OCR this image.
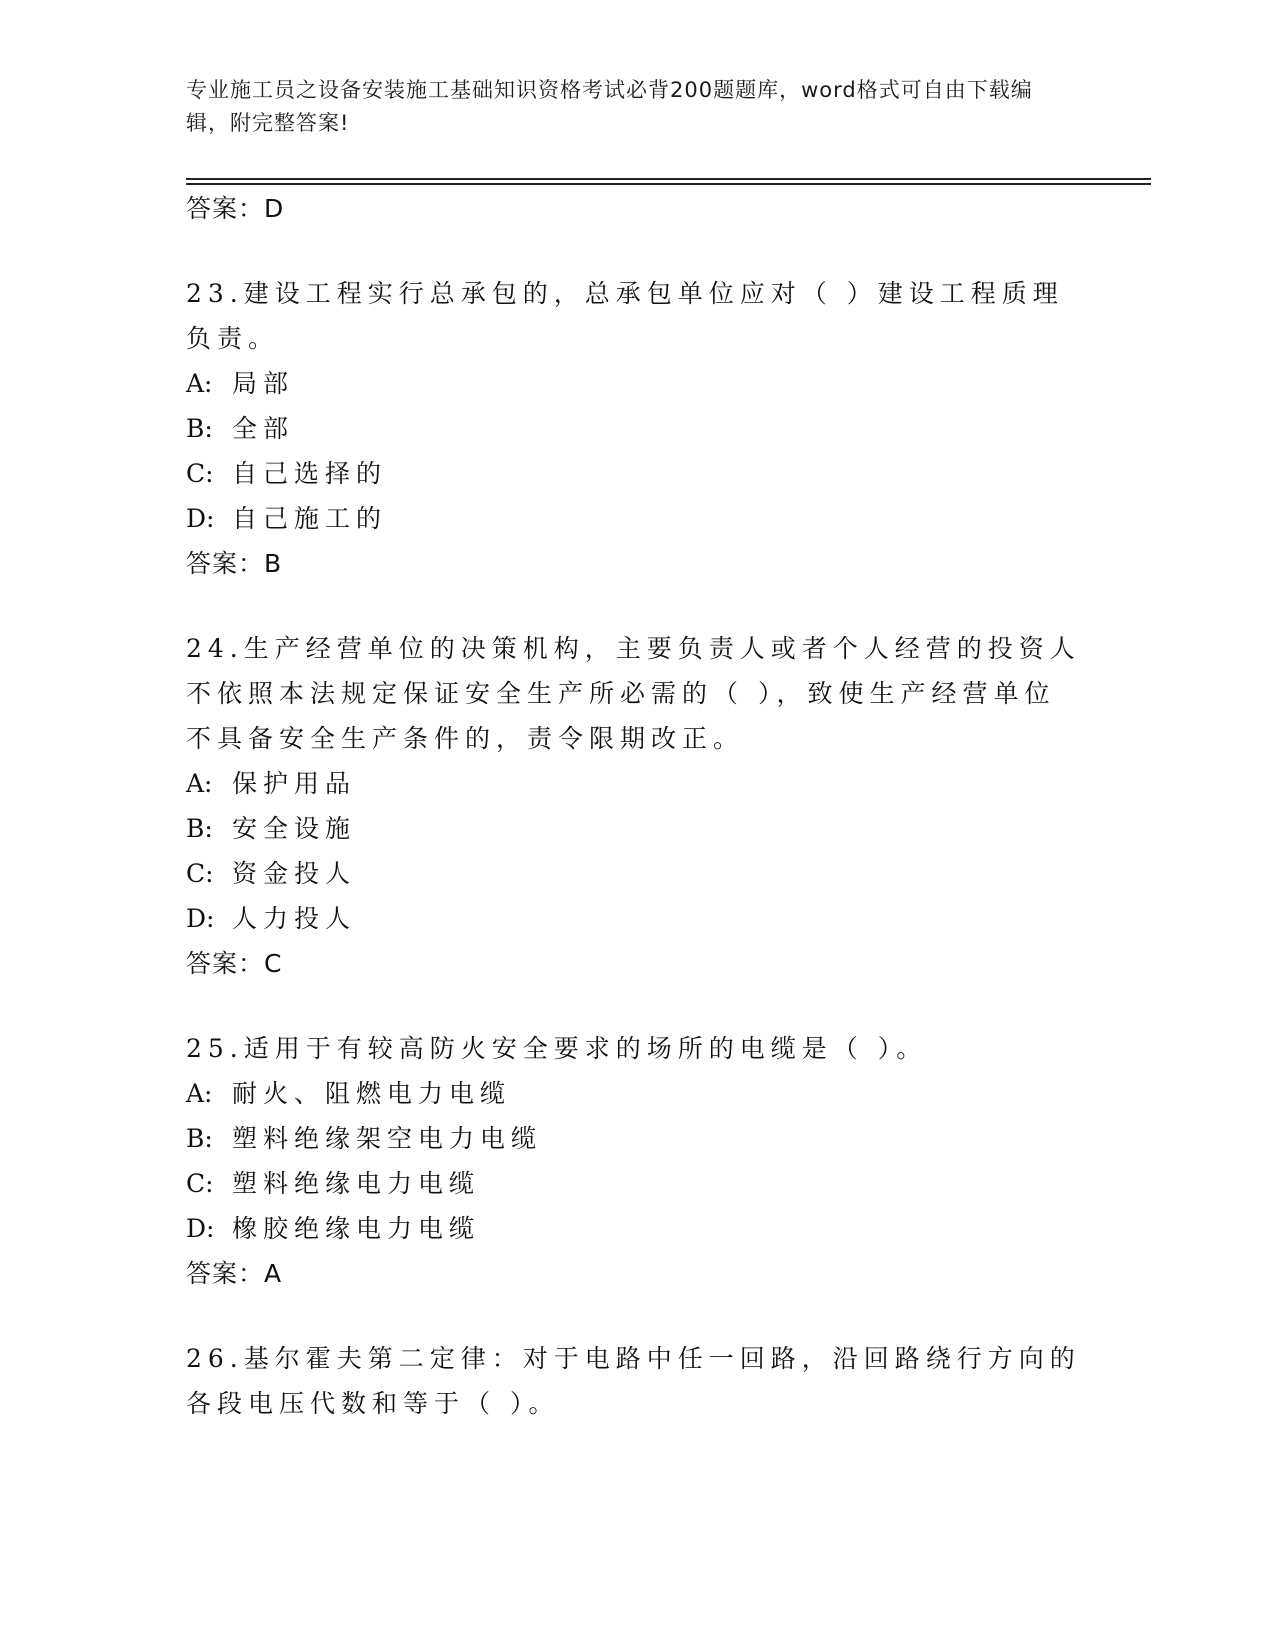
专业施工员之设备安装施工基础知识资格考试必背200题题库，word格式可自由下载编辑，附完整答案!
答案：D
23.建设工程实行总承包的，总承包单位应对（ ）建设工程质理负责。
A: 局部
B: 全部
C: 自己选择的
D: 自己施工的
答案：B
24.生产经营单位的决策机构，主要负责人或者个人经营的投资人不依照本法规定保证安全生产所必需的（ ），致使生产经营单位不具备安全生产条件的，责令限期改正。
A: 保护用品
B: 安全设施
C: 资金投人
D: 人力投人
答案：C
25.适用于有较高防火安全要求的场所的电缆是（ ）。
A: 耐火、阻燃电力电缆
B: 塑料绝缘架空电力电缆
C: 塑料绝缘电力电缆
D: 橡胶绝缘电力电缆
答案：A
26.基尔霍夫第二定律：对于电路中任一回路，沿回路绕行方向的各段电压代数和等于（ ）。
